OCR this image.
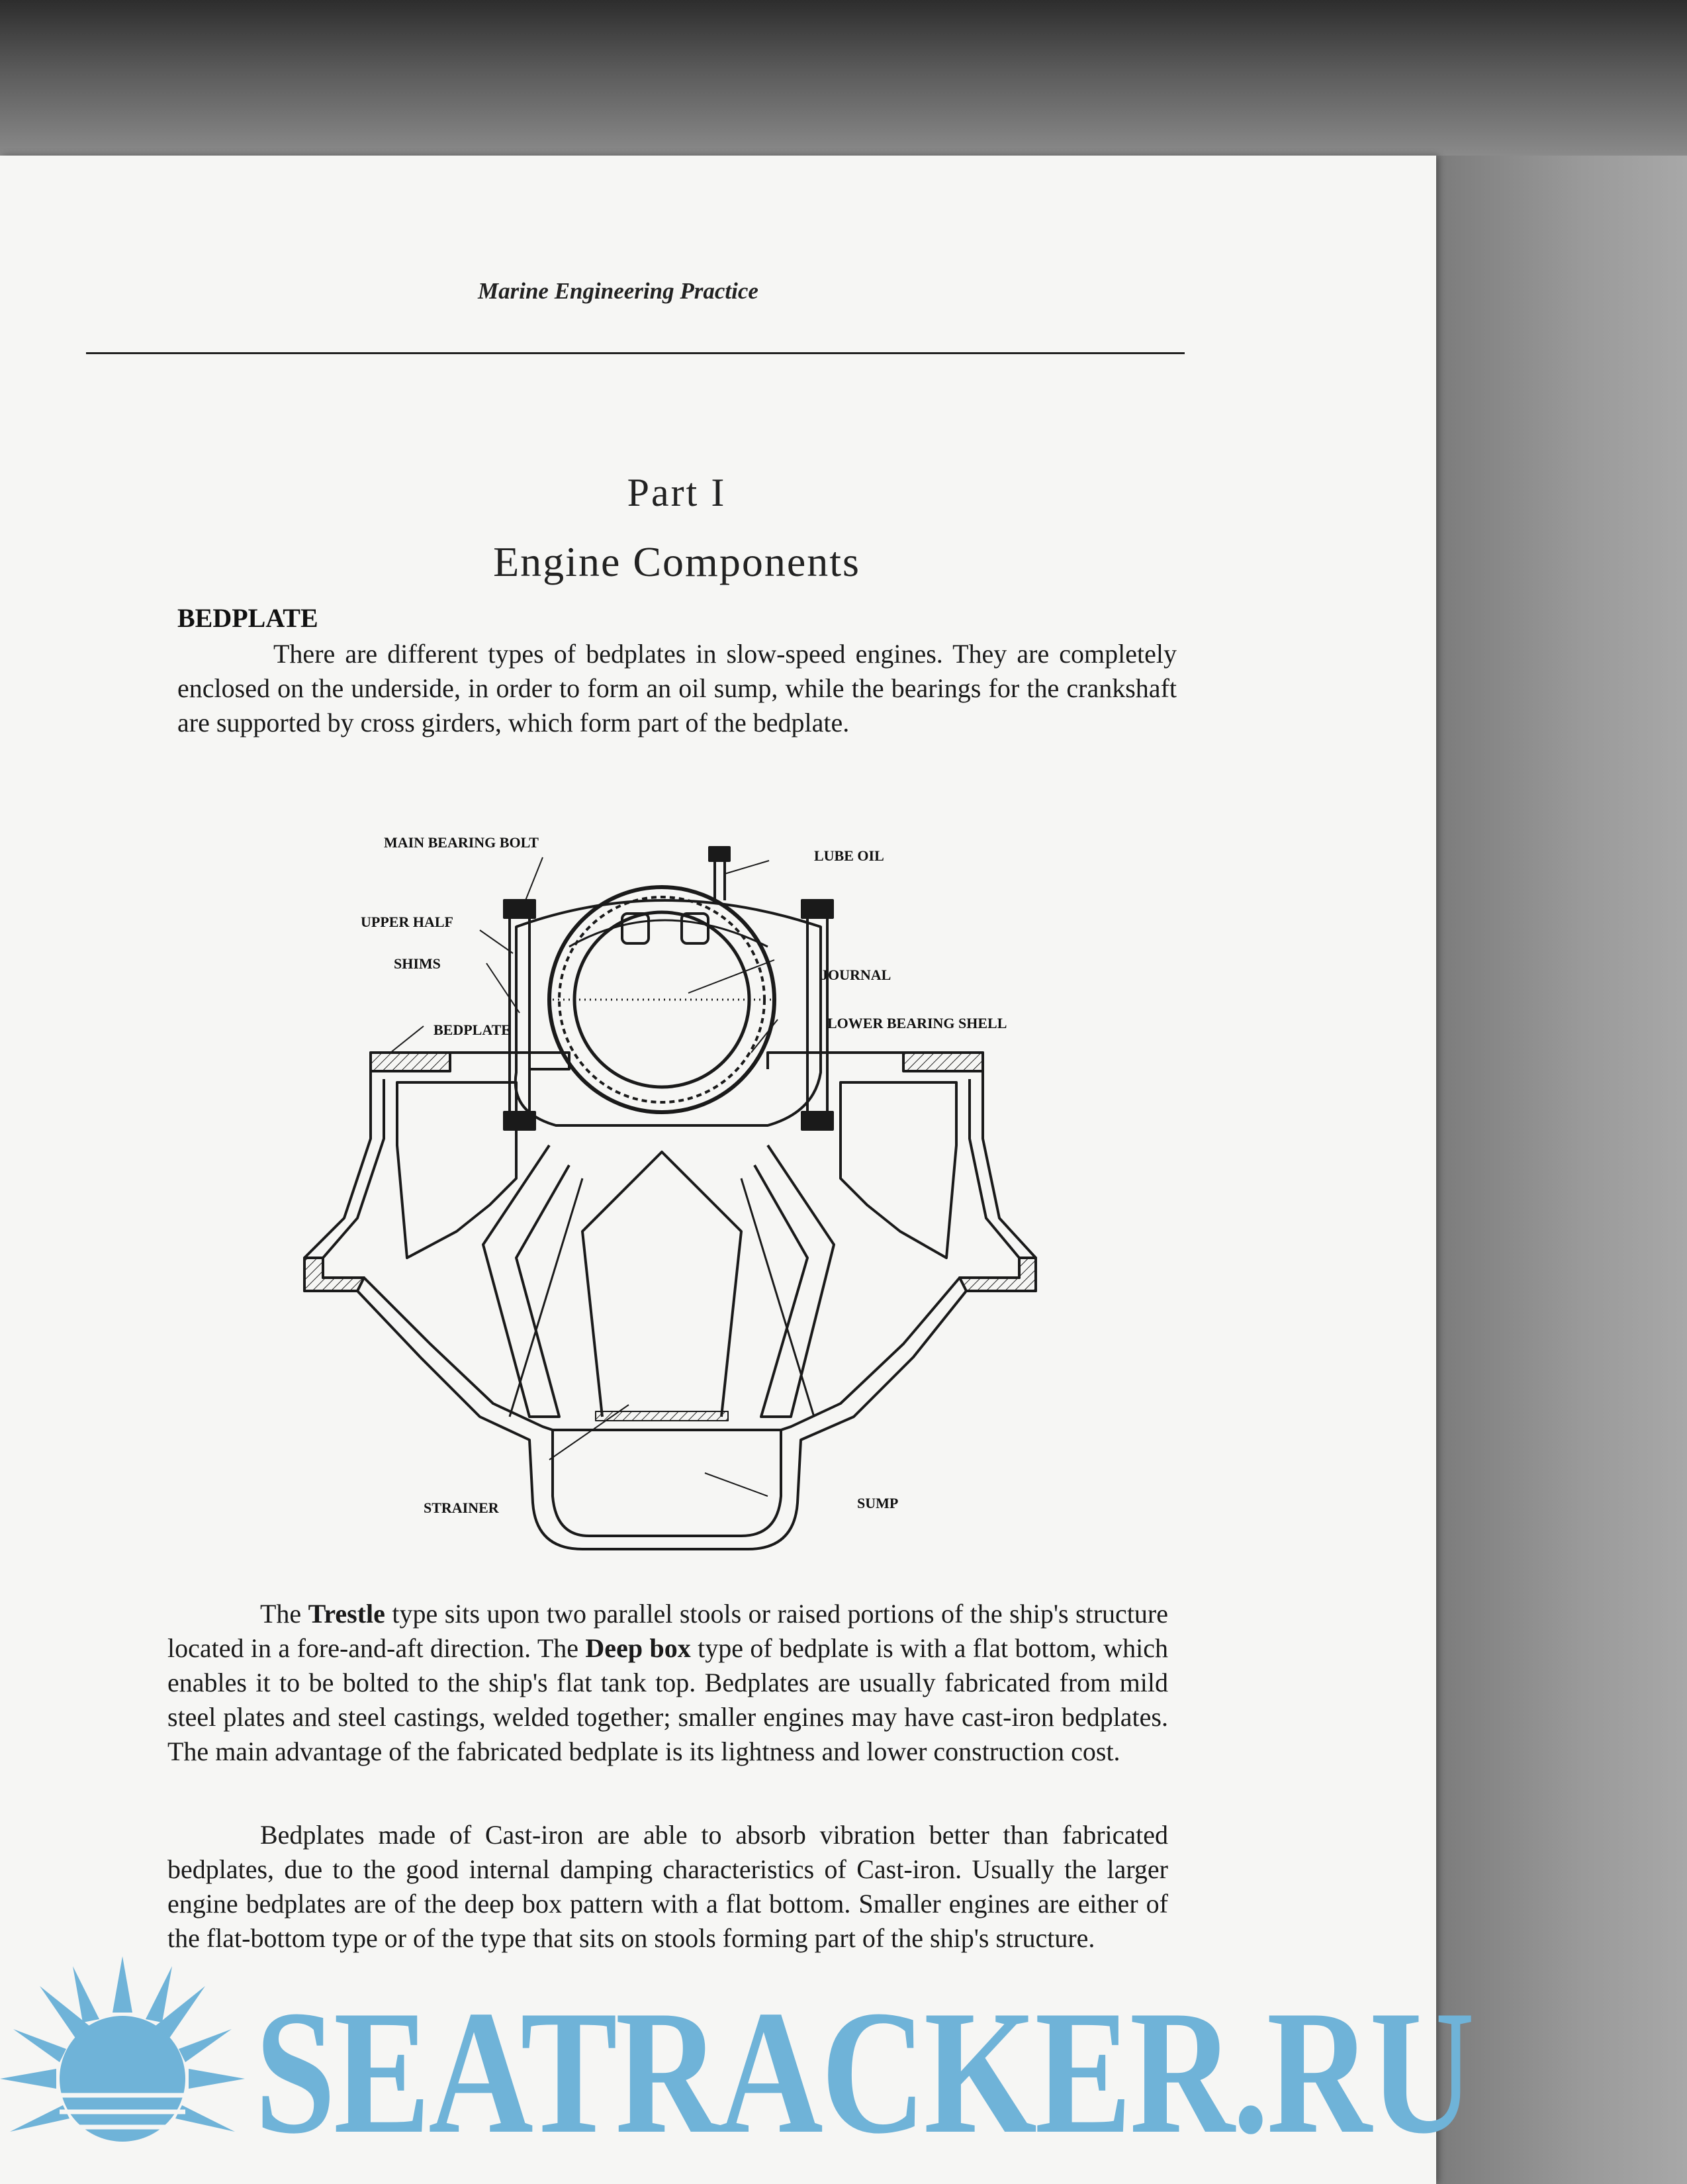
Marine Engineering Practice
Part I
Engine Components
BEDPLATE
There are different types of bedplates in slow-speed engines. They are completely enclosed on the underside, in order to form an oil sump, while the bearings for the crankshaft are supported by cross girders, which form part of the bedplate.
MAIN BEARING BOLT
LUBE OIL
UPPER HALF
SHIMS
JOURNAL
BEDPLATE	LOWER BEARING SHELL
STRAINER	SUMP
The Trestle type sits upon two parallel stools or raised portions of the ship's structure located in a fore-and-aft direction. The Deep box type of bedplate is with a flat bottom, which enables it to be bolted to the ship's flat tank top. Bedplates are usually fabricated from mild steel plates and steel castings, welded together; smaller engines may have cast-iron bedplates. The main advantage of the fabricated bedplate is its lightness and lower construction cost.
Bedplates made of Cast-iron are able to absorb vibration better than fabricated bedplates, due to the good internal damping characteristics of Cast-iron. Usually the larger engine bedplates are of the deep box pattern with a flat bottom. Smaller engines are either of the flat-bottom type or of the type that sits on stools forming part of the ship's structure.
SEATRACKER.RU
